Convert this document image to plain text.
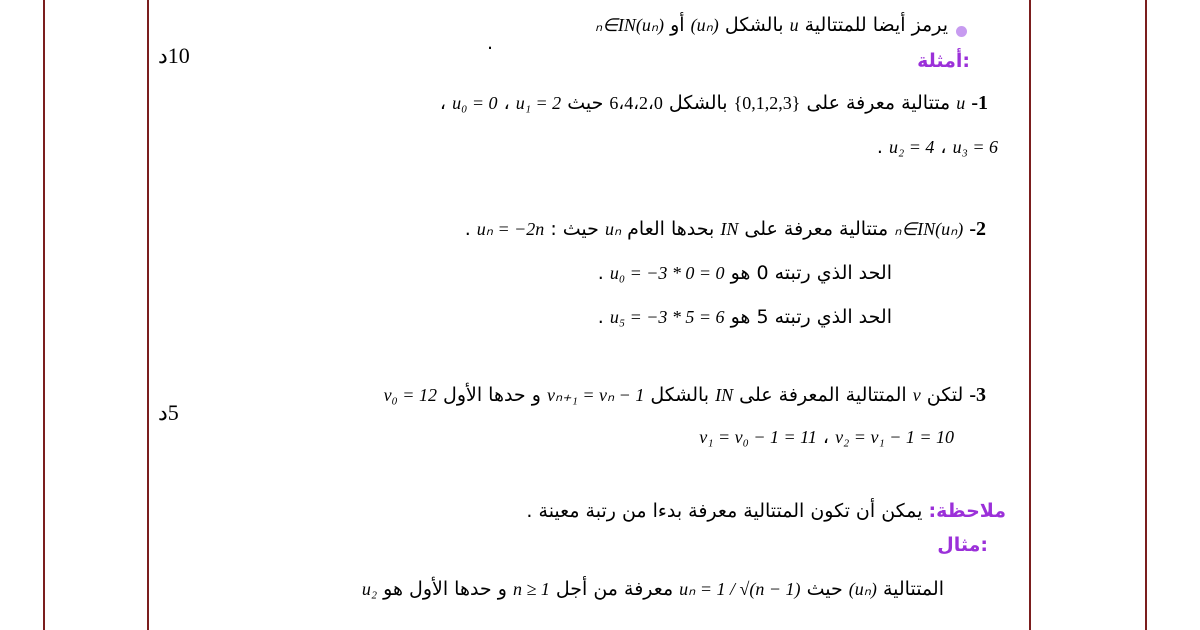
10د
5د
يرمز أيضا للمتتالية u بالشكل (uₙ) أو (uₙ)ₙ∈IN
.
أمثلة:
1- u متتالية معرفة على {0,1,2,3} بالشكل 6،4،2،0 حيث u₀ = 0 ، u₁ = 2 ،
u₂ = 4 ، u₃ = 6 .
2- (uₙ)ₙ∈IN متتالية معرفة على IN بحدها العام uₙ حيث : uₙ = −2n .
الحد الذي رتبته 0 هو u₀ = −3 * 0 = 0 .
الحد الذي رتبته 5 هو u₅ = −3 * 5 = 6 .
3- لتكن v المتتالية المعرفة على IN بالشكل vₙ₊₁ = vₙ − 1 و حدها الأول v₀ = 12
v₁ = v₀ − 1 = 11 ، v₂ = v₁ − 1 = 10
ملاحظة: يمكن أن تكون المتتالية معرفة بدءا من رتبة معينة .
مثال:
المتتالية (uₙ) حيث uₙ = 1 / √(n − 1) معرفة من أجل n ≥ 1 و حدها الأول هو u₂
